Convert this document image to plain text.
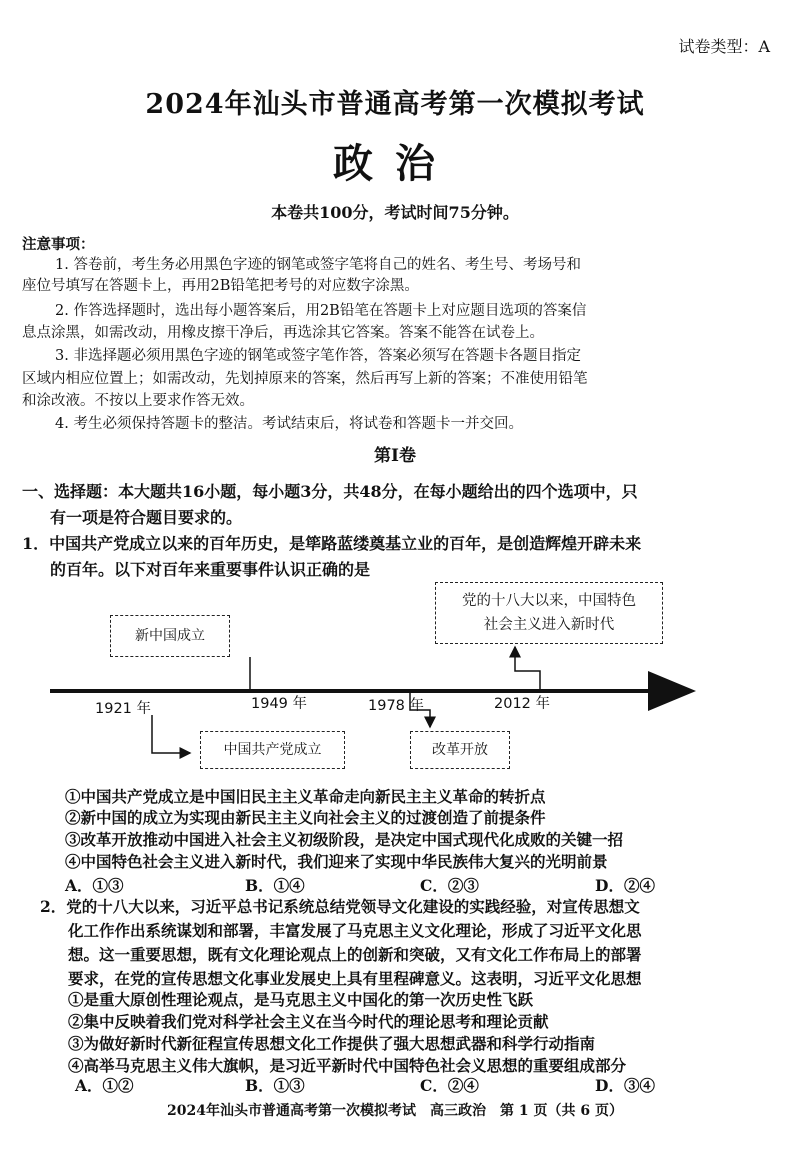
试卷类型：A
2024年汕头市普通高考第一次模拟考试
政治
本卷共100分，考试时间75分钟。
注意事项：
1. 答卷前，考生务必用黑色字迹的钢笔或签字笔将自己的姓名、考生号、考场号和
座位号填写在答题卡上，再用2B铅笔把考号的对应数字涂黑。
2. 作答选择题时，选出每小题答案后，用2B铅笔在答题卡上对应题目选项的答案信
息点涂黑，如需改动，用橡皮擦干净后，再选涂其它答案。答案不能答在试卷上。
3. 非选择题必须用黑色字迹的钢笔或签字笔作答，答案必须写在答题卡各题目指定
区域内相应位置上；如需改动，先划掉原来的答案，然后再写上新的答案；不准使用铅笔
和涂改液。不按以上要求作答无效。
4. 考生必须保持答题卡的整洁。考试结束后，将试卷和答题卡一并交回。
第Ⅰ卷
一、选择题：本大题共16小题，每小题3分，共48分，在每小题给出的四个选项中，只
有一项是符合题目要求的。
1．中国共产党成立以来的百年历史，是筚路蓝缕奠基立业的百年，是创造辉煌开辟未来
的百年。以下对百年来重要事件认识正确的是
新中国成立
党的十八大以来，中国特色
社会主义进入新时代
中国共产党成立	改革开放
1921 年	1949 年	1978 年	2012 年
①中国共产党成立是中国旧民主主义革命走向新民主主义革命的转折点
②新中国的成立为实现由新民主主义向社会主义的过渡创造了前提条件
③改革开放推动中国进入社会主义初级阶段，是决定中国式现代化成败的关键一招
④中国特色社会主义进入新时代，我们迎来了实现中华民族伟大复兴的光明前景
A．①③	B．①④	C．②③	D．②④
2．党的十八大以来，习近平总书记系统总结党领导文化建设的实践经验，对宣传思想文
化工作作出系统谋划和部署，丰富发展了马克思主义文化理论，形成了习近平文化思
想。这一重要思想，既有文化理论观点上的创新和突破，又有文化工作布局上的部署
要求，在党的宣传思想文化事业发展史上具有里程碑意义。这表明，习近平文化思想
①是重大原创性理论观点，是马克思主义中国化的第一次历史性飞跃
②集中反映着我们党对科学社会主义在当今时代的理论思考和理论贡献
③为做好新时代新征程宣传思想文化工作提供了强大思想武器和科学行动指南
④高举马克思主义伟大旗帜，是习近平新时代中国特色社会义思想的重要组成部分
A．①②	B．①③	C．②④	D．③④
2024年汕头市普通高考第一次模拟考试　高三政治　第 1 页（共 6 页）
